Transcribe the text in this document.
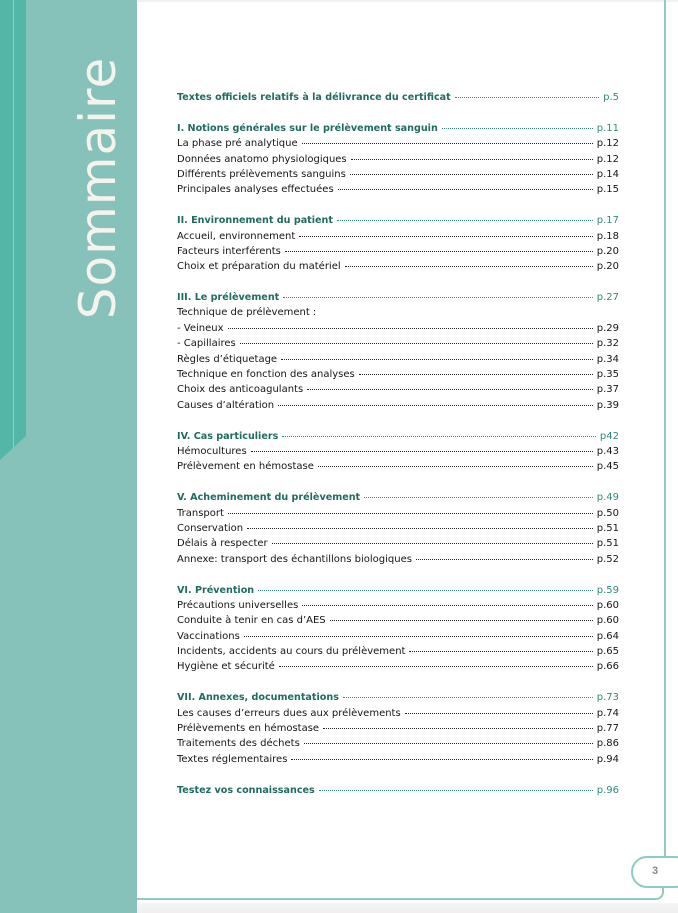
Sommaire
3
Textes officiels relatifs à la délivrance du certificat	p.5
I. Notions générales sur le prélèvement sanguin	p.11
La phase pré analytique	p.12
Données anatomo physiologiques	p.12
Différents prélèvements sanguins	p.14
Principales analyses effectuées	p.15
II. Environnement du patient	p.17
Accueil, environnement	p.18
Facteurs interférents	p.20
Choix et préparation du matériel	p.20
III. Le prélèvement	p.27
Technique de prélèvement :
- Veineux	p.29
- Capillaires	p.32
Règles d’étiquetage	p.34
Technique en fonction des analyses	p.35
Choix des anticoagulants	p.37
Causes d’altération	p.39
IV. Cas particuliers	p42
Hémocultures	p.43
Prélèvement en hémostase	p.45
V. Acheminement du prélèvement	p.49
Transport	p.50
Conservation	p.51
Délais à respecter	p.51
Annexe: transport des échantillons biologiques	p.52
VI. Prévention	p.59
Précautions universelles	p.60
Conduite à tenir en cas d’AES	p.60
Vaccinations	p.64
Incidents, accidents au cours du prélèvement	p.65
Hygiène et sécurité	p.66
VII. Annexes, documentations	p.73
Les causes d’erreurs dues aux prélèvements	p.74
Prélèvements en hémostase	p.77
Traitements des déchets	p.86
Textes réglementaires	p.94
Testez vos connaissances	p.96
